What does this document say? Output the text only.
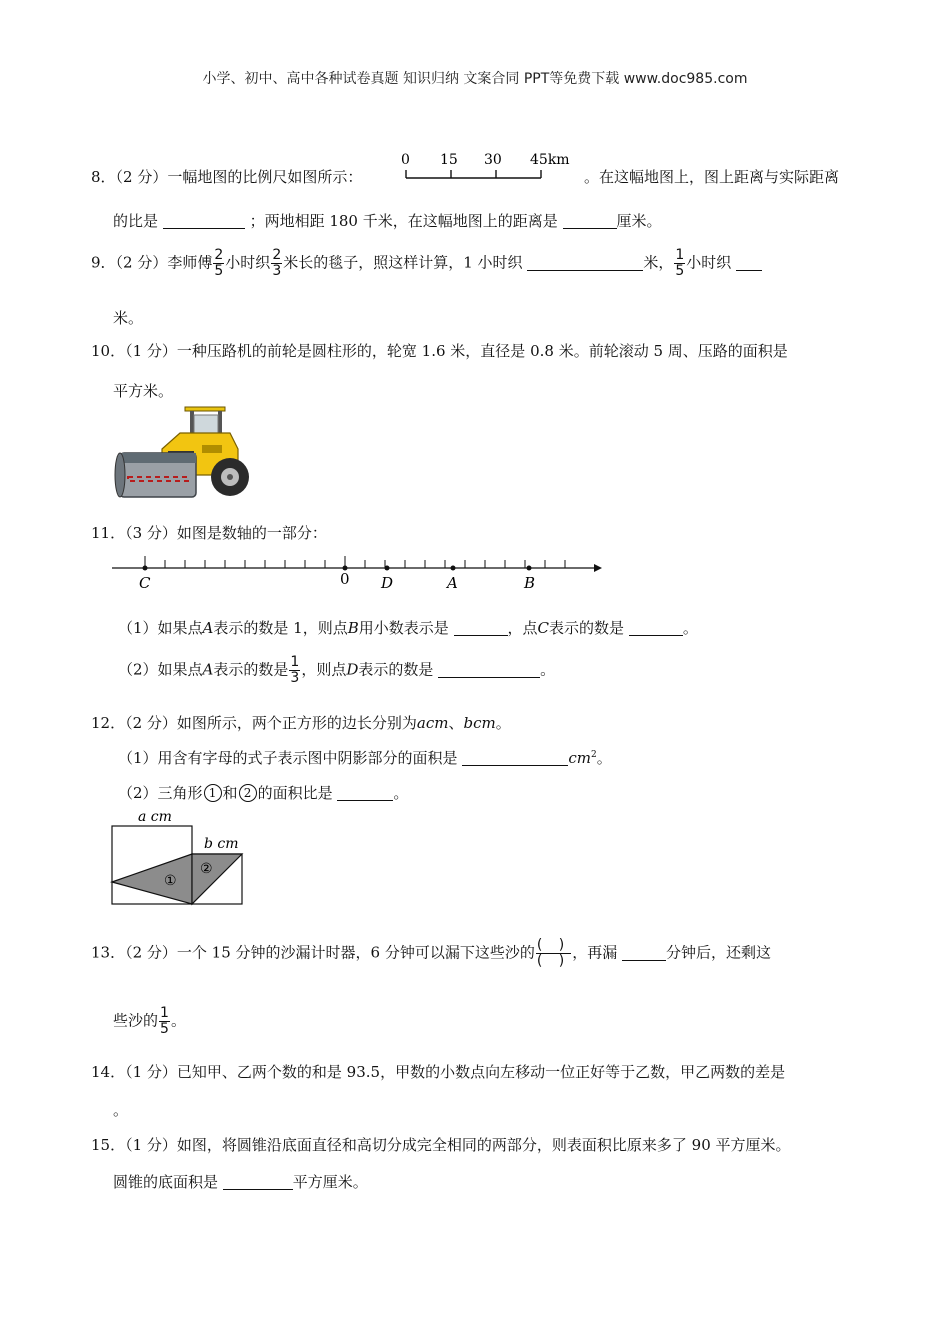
小学、初中、高中各种试卷真题 知识归纳 文案合同 PPT等免费下载 www.doc985.com
8．（2 分）一幅地图的比例尺如图所示：
0 15 30 45km
。在这幅地图上，图上距离与实际距离
的比是	；两地相距 180 千米，在这幅地图上的距离是	厘米。
9．（2 分）李师傅 $\frac{2}{5}$ 小时织 $\frac{2}{3}$ 米长的毯子，照这样计算，1 小时织	米， $\frac{1}{5}$ 小时织
米。
10．（1 分）一种压路机的前轮是圆柱形的，轮宽 1.6 米，直径是 0.8 米。前轮滚动 5 周、压路的面积是
平方米。
11．（3 分）如图是数轴的一部分：
C	0 D	A	B
（1）如果点A表示的数是 1，则点B用小数表示是	，点C表示的数是	。
（2）如果点A表示的数是 $\frac{1}{3}$ ，则点D表示的数是	。
12．（2 分）如图所示，两个正方形的边长分别为acm、bcm。
（1）用含有字母的式子表示图中阴影部分的面积是	$cm^2$。
（2）三角形 1 和 2 的面积比是	。
a cm
b cm
①
②
13．（2 分）一个 15 分钟的沙漏计时器，6 分钟可以漏下这些沙的 $\frac{( )}{( )}$ ，再漏	分钟后，还剩这
些沙的 $\frac{1}{5}$ 。
14．（1 分）已知甲、乙两个数的和是 93.5，甲数的小数点向左移动一位正好等于乙数，甲乙两数的差是
。
15．（1 分）如图，将圆锥沿底面直径和高切分成完全相同的两部分，则表面积比原来多了 90 平方厘米。
圆锥的底面积是	平方厘米。
